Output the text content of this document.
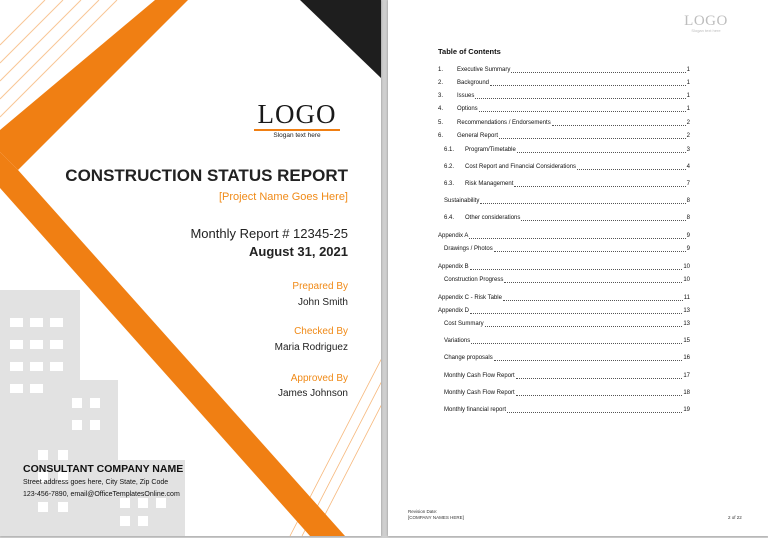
LOGO
Slogan text here
CONSTRUCTION STATUS REPORT
[Project Name Goes Here]
Monthly Report # 12345-25
August 31, 2021
Prepared By
John Smith
Checked By
Maria Rodriguez
Approved By
James Johnson
CONSULTANT COMPANY NAME
Street address goes here, City State, Zip Code
123-456-7890, email@OfficeTemplatesOnline.com
LOGO
Slogan text here
Table of Contents
1.	Executive Summary	1
2.	Background	1
3.	Issues	1
4.	Options	1
5.	Recommendations / Endorsements	2
6.	General Report	2
6.1.	Program/Timetable	3
6.2.	Cost Report and Financial Considerations	4
6.3.	Risk Management	7
Sustainability	8
6.4.	Other considerations	8
Appendix A	9
Drawings / Photos	9
Appendix B	10
Construction Progress	10
Appendix C - Risk Table	11
Appendix D	13
Cost Summary	13
Variations	15
Change proposals	16
Monthly Cash Flow Report	17
Monthly Cash Flow Report	18
Monthly financial report	19
Revision Date:
[COMPANY NAMES HERE]	2 of 22
